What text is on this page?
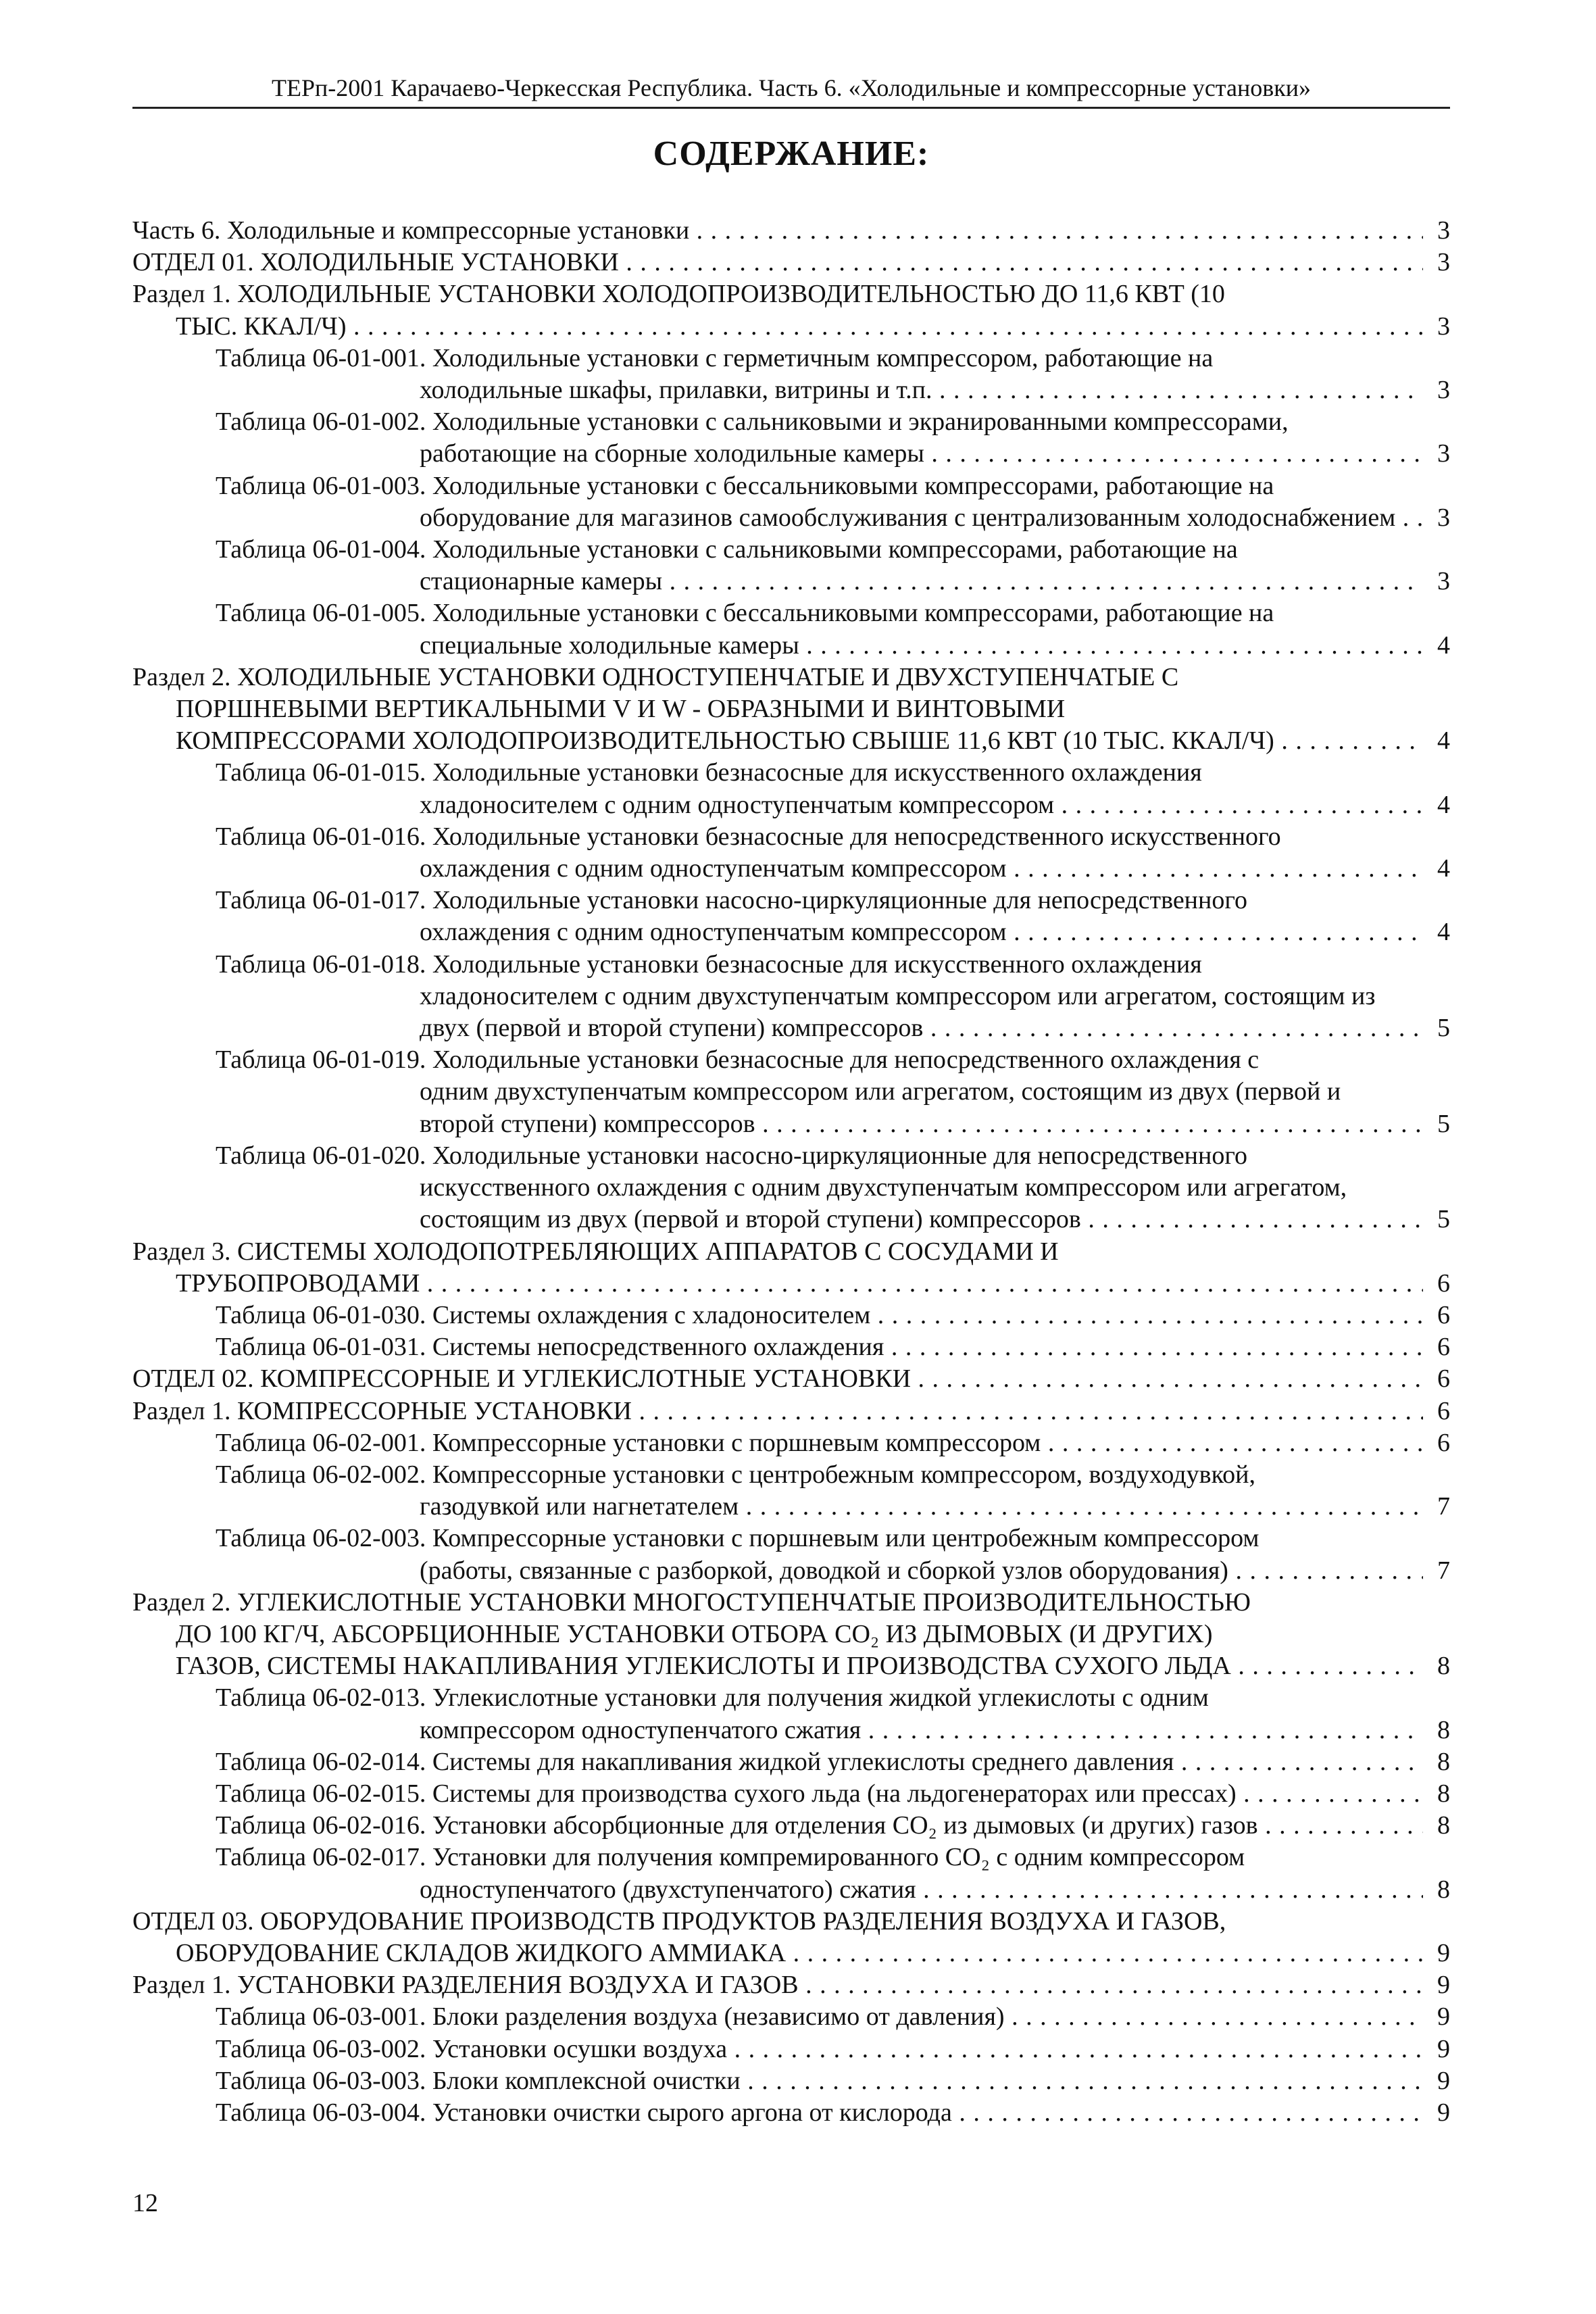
ТЕРп-2001 Карачаево-Черкесская Республика. Часть 6. «Холодильные и компрессорные установки»
СОДЕРЖАНИЕ:
Часть 6. Холодильные и компрессорные установки . . .	3
ОТДЕЛ 01. ХОЛОДИЛЬНЫЕ УСТАНОВКИ . . .	3
Раздел 1. ХОЛОДИЛЬНЫЕ УСТАНОВКИ ХОЛОДОПРОИЗВОДИТЕЛЬНОСТЬЮ ДО 11,6 КВТ (10
ТЫС. ККАЛ/Ч) . . .	3
Таблица 06-01-001. Холодильные установки с герметичным компрессором, работающие на
холодильные шкафы, прилавки, витрины и т.п. . . .	3
Таблица 06-01-002. Холодильные установки с сальниковыми и экранированными компрессорами,
работающие на сборные холодильные камеры . . .	3
Таблица 06-01-003. Холодильные установки с бессальниковыми компрессорами, работающие на
оборудование для магазинов самообслуживания с централизованным холодоснабжением . . .	3
Таблица 06-01-004. Холодильные установки с сальниковыми компрессорами, работающие на
стационарные камеры . . .	3
Таблица 06-01-005. Холодильные установки с бессальниковыми компрессорами, работающие на
специальные холодильные камеры . . .	4
Раздел 2. ХОЛОДИЛЬНЫЕ УСТАНОВКИ ОДНОСТУПЕНЧАТЫЕ И ДВУХСТУПЕНЧАТЫЕ С
ПОРШНЕВЫМИ ВЕРТИКАЛЬНЫМИ V И W - ОБРАЗНЫМИ И ВИНТОВЫМИ
КОМПРЕССОРАМИ ХОЛОДОПРОИЗВОДИТЕЛЬНОСТЬЮ СВЫШЕ 11,6 КВТ (10 ТЫС. ККАЛ/Ч) . . .	4
Таблица 06-01-015. Холодильные установки безнасосные для искусственного охлаждения
хладоносителем с одним одноступенчатым компрессором . . .	4
Таблица 06-01-016. Холодильные установки безнасосные для непосредственного искусственного
охлаждения с одним одноступенчатым компрессором . . .	4
Таблица 06-01-017. Холодильные установки насосно-циркуляционные для непосредственного
охлаждения с одним одноступенчатым компрессором . . .	4
Таблица 06-01-018. Холодильные установки безнасосные для искусственного охлаждения
хладоносителем с одним двухступенчатым компрессором или агрегатом, состоящим из
двух (первой и второй ступени) компрессоров . . .	5
Таблица 06-01-019. Холодильные установки безнасосные для непосредственного охлаждения с
одним двухступенчатым компрессором или агрегатом, состоящим из двух (первой и
второй ступени) компрессоров . . .	5
Таблица 06-01-020. Холодильные установки насосно-циркуляционные для непосредственного
искусственного охлаждения с одним двухступенчатым компрессором или агрегатом,
состоящим из двух (первой и второй ступени) компрессоров . . .	5
Раздел 3. СИСТЕМЫ ХОЛОДОПОТРЕБЛЯЮЩИХ АППАРАТОВ С СОСУДАМИ И
ТРУБОПРОВОДАМИ . . .	6
Таблица 06-01-030. Системы охлаждения с хладоносителем . . .	6
Таблица 06-01-031. Системы непосредственного охлаждения . . .	6
ОТДЕЛ 02. КОМПРЕССОРНЫЕ И УГЛЕКИСЛОТНЫЕ УСТАНОВКИ . . .	6
Раздел 1. КОМПРЕССОРНЫЕ УСТАНОВКИ . . .	6
Таблица 06-02-001. Компрессорные установки с поршневым компрессором . . .	6
Таблица 06-02-002. Компрессорные установки с центробежным компрессором, воздуходувкой,
газодувкой или нагнетателем . . .	7
Таблица 06-02-003. Компрессорные установки с поршневым или центробежным компрессором
(работы, связанные с разборкой, доводкой и сборкой узлов оборудования) . . .	7
Раздел 2. УГЛЕКИСЛОТНЫЕ УСТАНОВКИ МНОГОСТУПЕНЧАТЫЕ ПРОИЗВОДИТЕЛЬНОСТЬЮ
ДО 100 КГ/Ч, АБСОРБЦИОННЫЕ УСТАНОВКИ ОТБОРА CO₂ ИЗ ДЫМОВЫХ (И ДРУГИХ)
ГАЗОВ, СИСТЕМЫ НАКАПЛИВАНИЯ УГЛЕКИСЛОТЫ И ПРОИЗВОДСТВА СУХОГО ЛЬДА . . .	8
Таблица 06-02-013. Углекислотные установки для получения жидкой углекислоты с одним
компрессором одноступенчатого сжатия . . .	8
Таблица 06-02-014. Системы для накапливания жидкой углекислоты среднего давления . . .	8
Таблица 06-02-015. Системы для производства сухого льда (на льдогенераторах или прессах) . . .	8
Таблица 06-02-016. Установки абсорбционные для отделения CO₂ из дымовых (и других) газов . . .	8
Таблица 06-02-017. Установки для получения компремированного CO₂ с одним компрессором
одноступенчатого (двухступенчатого) сжатия . . .	8
ОТДЕЛ 03. ОБОРУДОВАНИЕ ПРОИЗВОДСТВ ПРОДУКТОВ РАЗДЕЛЕНИЯ ВОЗДУХА И ГАЗОВ,
ОБОРУДОВАНИЕ СКЛАДОВ ЖИДКОГО АММИАКА . . .	9
Раздел 1. УСТАНОВКИ РАЗДЕЛЕНИЯ ВОЗДУХА И ГАЗОВ . . .	9
Таблица 06-03-001. Блоки разделения воздуха (независимо от давления) . . .	9
Таблица 06-03-002. Установки осушки воздуха . . .	9
Таблица 06-03-003. Блоки комплексной очистки . . .	9
Таблица 06-03-004. Установки очистки сырого аргона от кислорода . . .	9
12
